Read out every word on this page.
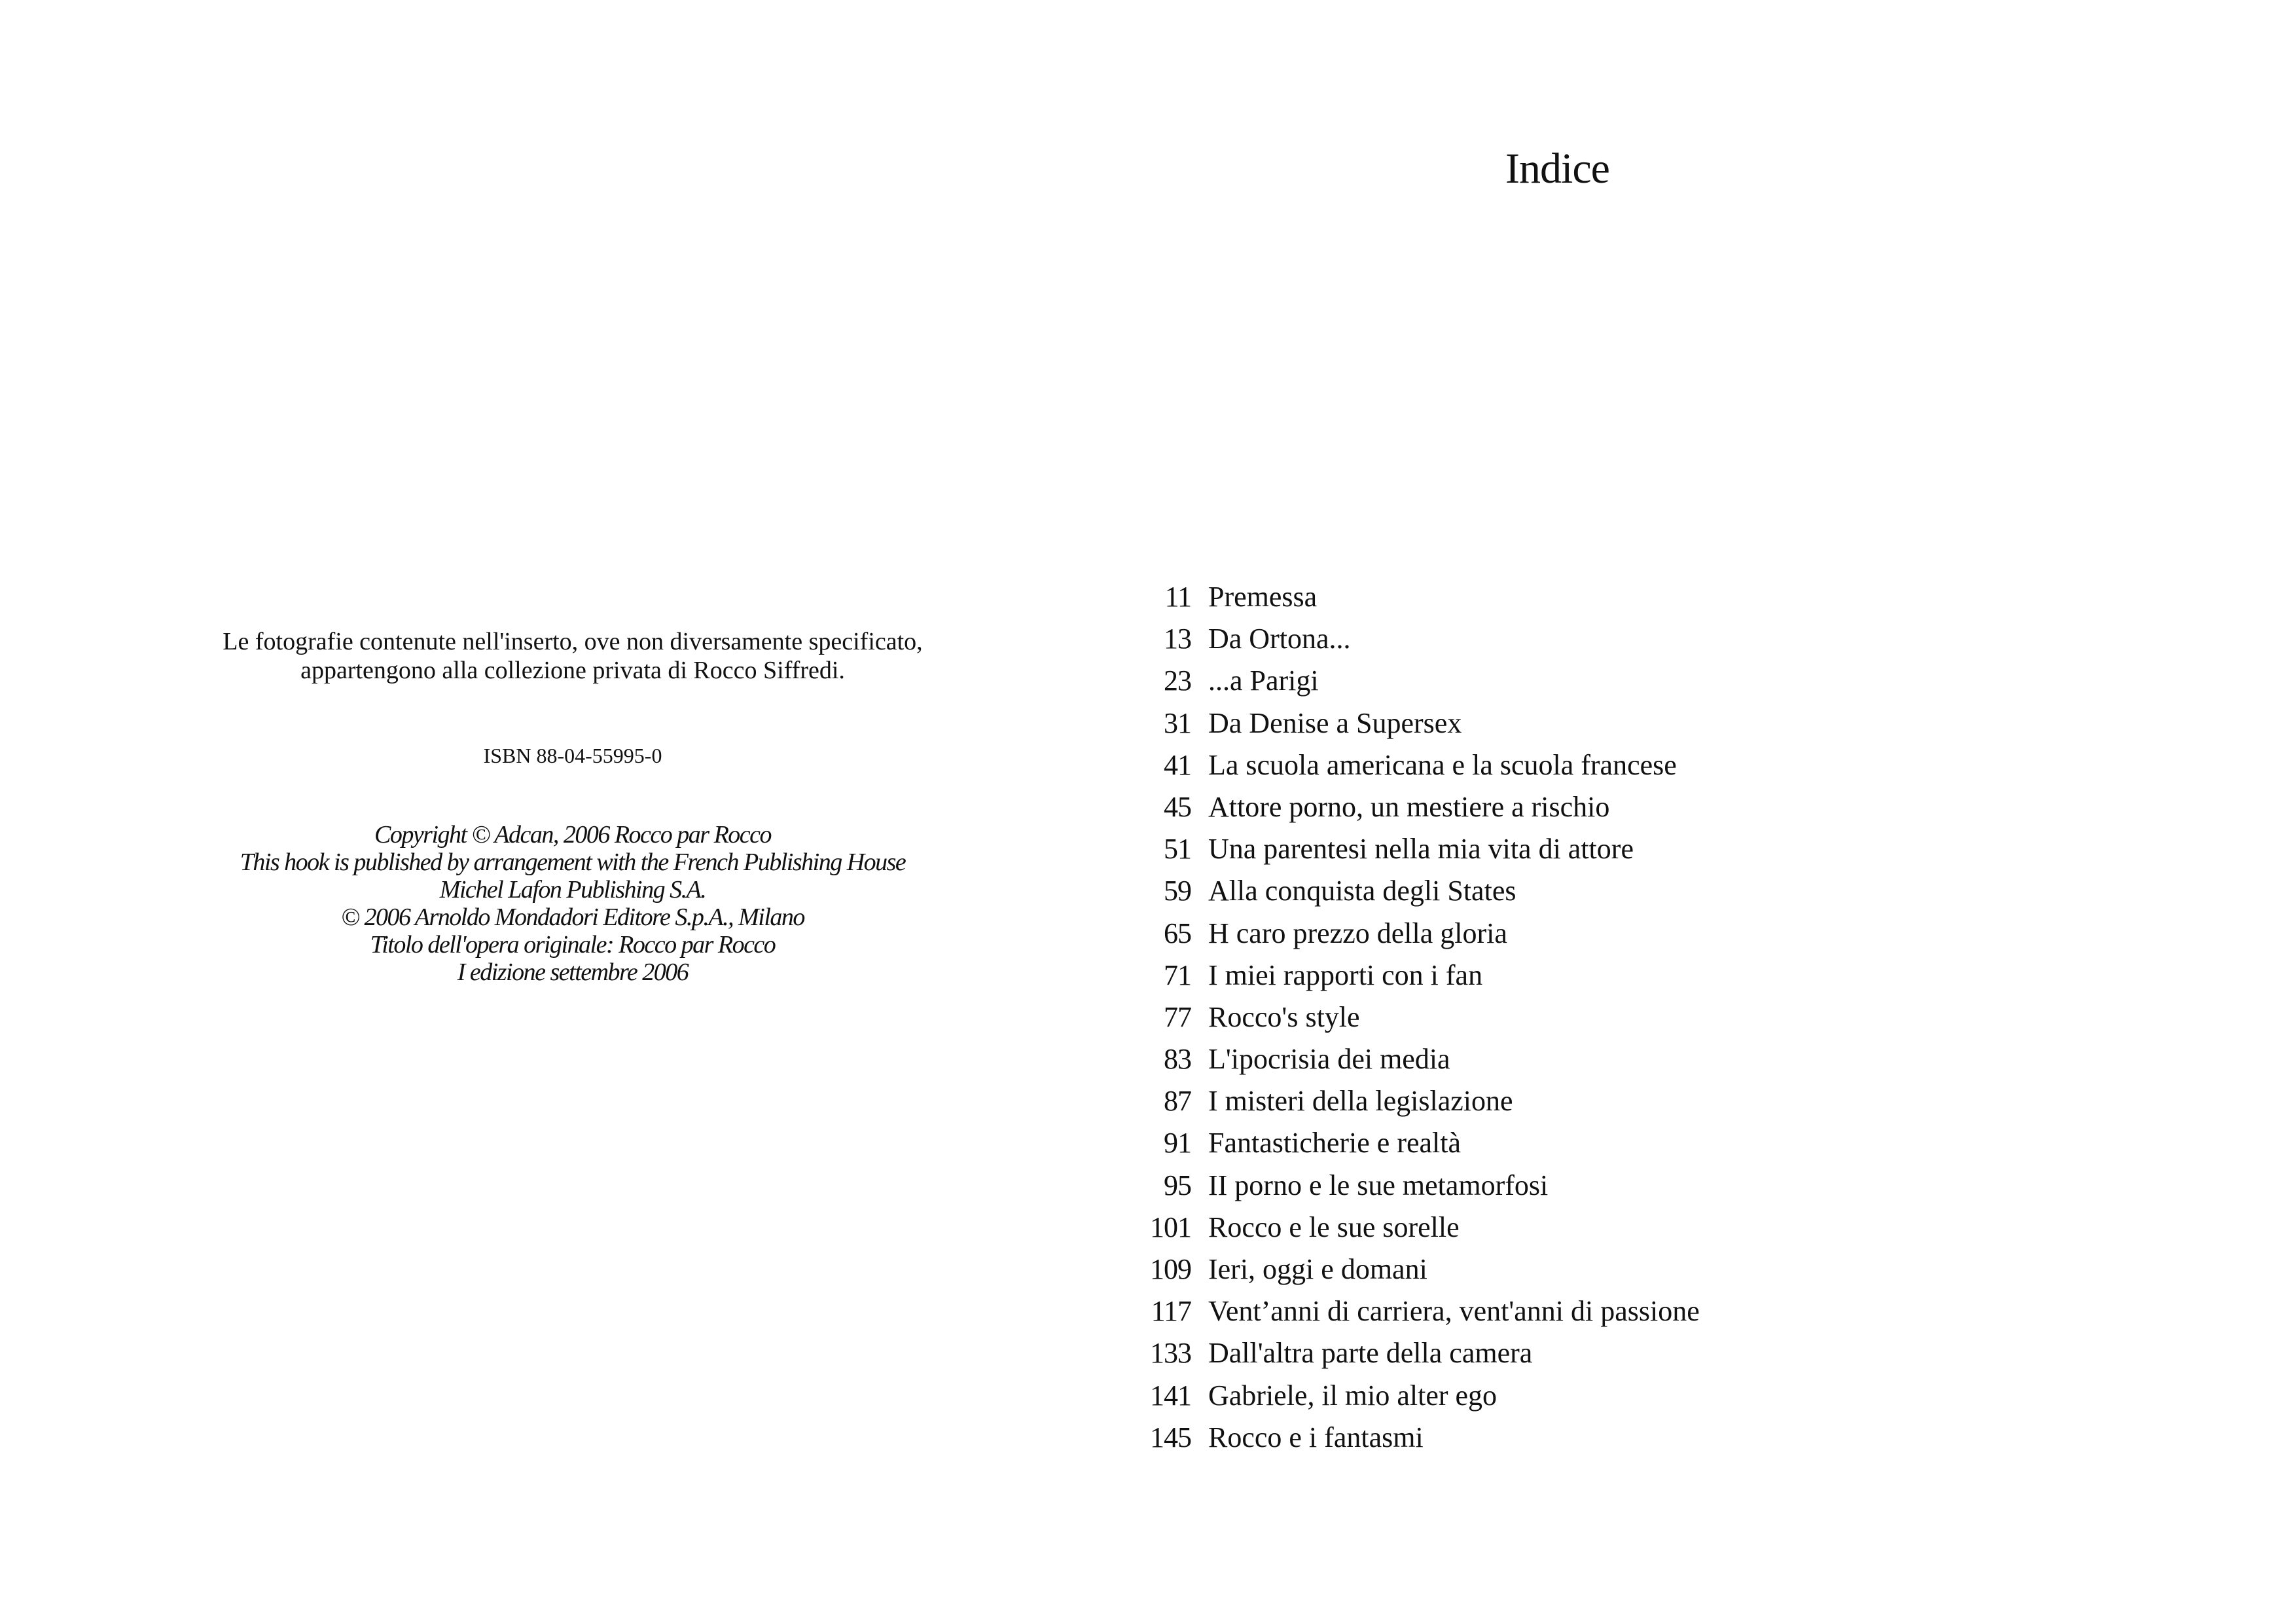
Le fotografie contenute nell'inserto, ove non diversamente specificato,
appartengono alla collezione privata di Rocco Siffredi.
ISBN 88-04-55995-0
Copyright © Adcan, 2006 Rocco par Rocco
This hook is published by arrangement with the French Publishing House
Michel Lafon Publishing S.A.
© 2006 Arnoldo Mondadori Editore S.p.A., Milano
Titolo dell'opera originale: Rocco par Rocco
I edizione settembre 2006
Indice
11 Premessa
13 Da Ortona...
23 ...a Parigi
31 Da Denise a Supersex
41 La scuola americana e la scuola francese
45 Attore porno, un mestiere a rischio
51 Una parentesi nella mia vita di attore
59 Alla conquista degli States
65 H caro prezzo della gloria
71 I miei rapporti con i fan
77 Rocco's style
83 L'ipocrisia dei media
87 I misteri della legislazione
91 Fantasticherie e realtà
95 II porno e le sue metamorfosi
101 Rocco e le sue sorelle
109 Ieri, oggi e domani
117 Vent’anni di carriera, vent'anni di passione
133 Dall'altra parte della camera
141 Gabriele, il mio alter ego
145 Rocco e i fantasmi
